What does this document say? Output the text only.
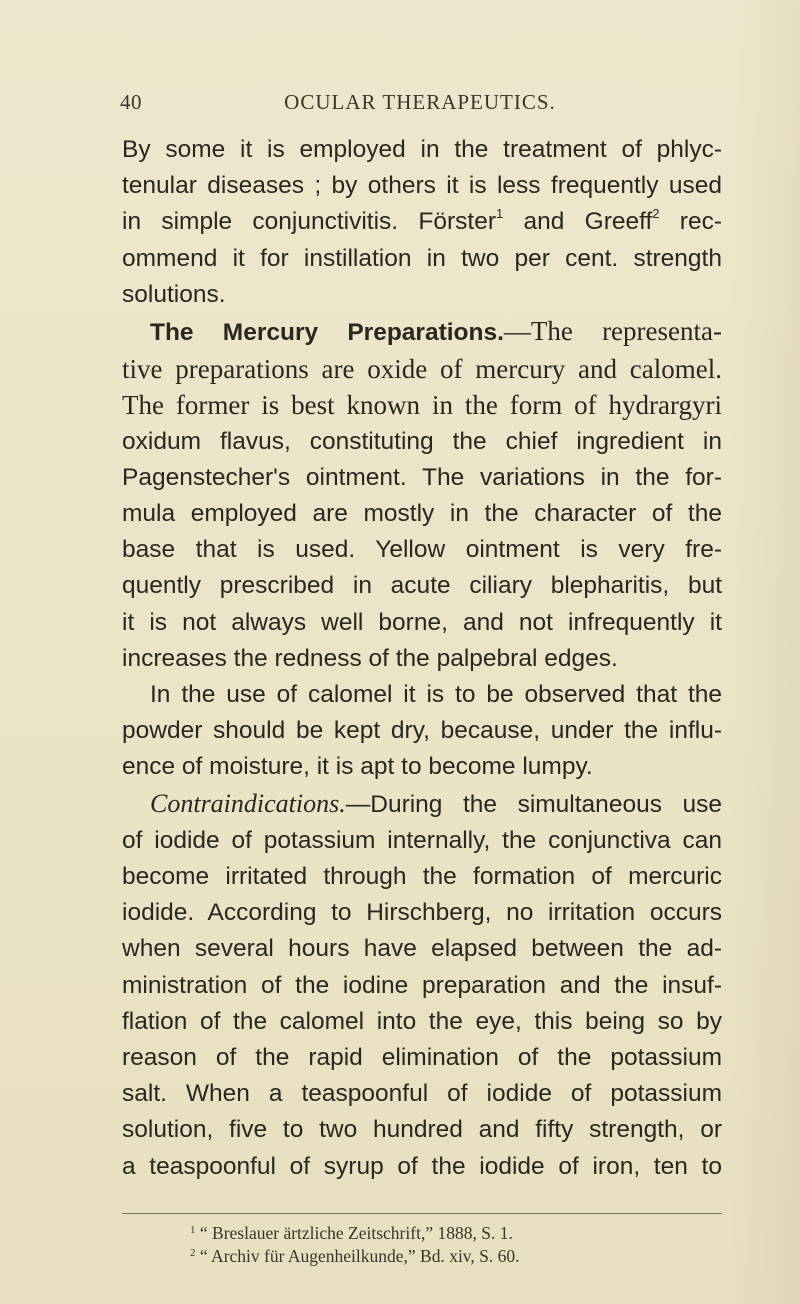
40	OCULAR THERAPEUTICS.
By some it is employed in the treatment of phlyc-
tenular diseases ; by others it is less frequently used
in simple conjunctivitis. Förster$^1$ and Greeff$^2$ rec-
ommend it for instillation in two per cent. strength
solutions.
The Mercury Preparations.—The representa-
tive preparations are oxide of mercury and calomel.
The former is best known in the form of hydrargyri
oxidum flavus, constituting the chief ingredient in
Pagenstecher's ointment. The variations in the for-
mula employed are mostly in the character of the
base that is used. Yellow ointment is very fre-
quently prescribed in acute ciliary blepharitis, but
it is not always well borne, and not infrequently it
increases the redness of the palpebral edges.
In the use of calomel it is to be observed that the
powder should be kept dry, because, under the influ-
ence of moisture, it is apt to become lumpy.
Contraindications.—During the simultaneous use
of iodide of potassium internally, the conjunctiva can
become irritated through the formation of mercuric
iodide. According to Hirschberg, no irritation occurs
when several hours have elapsed between the ad-
ministration of the iodine preparation and the insuf-
flation of the calomel into the eye, this being so by
reason of the rapid elimination of the potassium
salt. When a teaspoonful of iodide of potassium
solution, five to two hundred and fifty strength, or
a teaspoonful of syrup of the iodide of iron, ten to
$^1$ “ Breslauer ärtzliche Zeitschrift,” 1888, S. 1.
$^2$ “ Archiv für Augenheilkunde,” Bd. xiv, S. 60.
